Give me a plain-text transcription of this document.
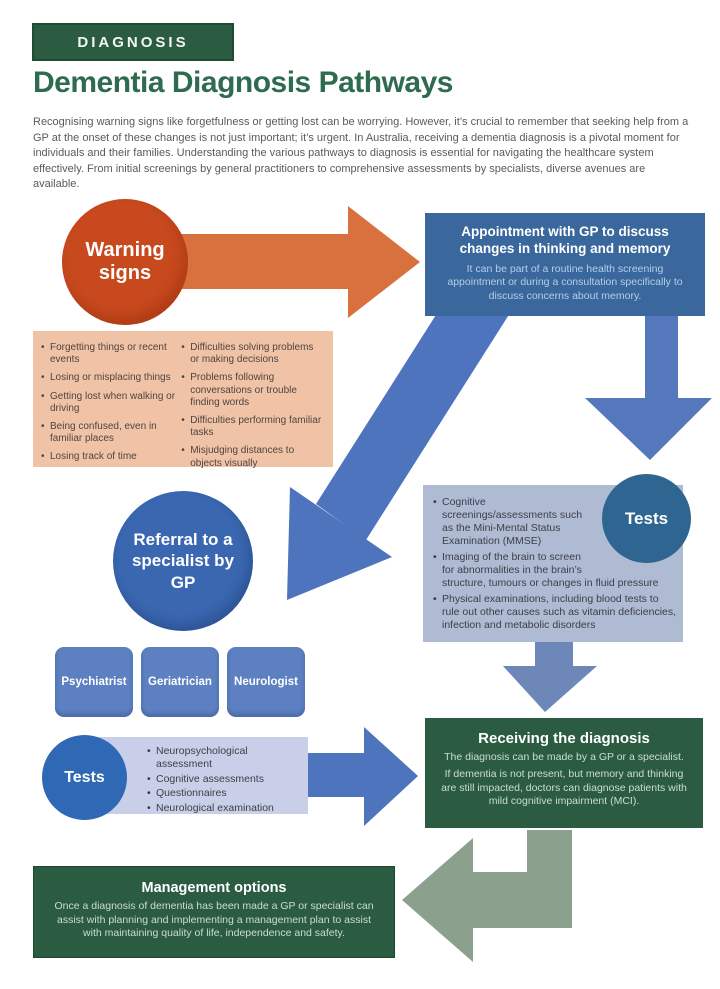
DIAGNOSIS
Dementia Diagnosis Pathways

Recognising warning signs like forgetfulness or getting lost can be worrying. However, it’s crucial to remember that seeking help from a GP at the onset of these changes is not just important; it’s urgent. In Australia, receiving a dementia diagnosis is a pivotal moment for individuals and their families. Understanding the various pathways to diagnosis is essential for navigating the healthcare system effectively. From initial screenings by general practitioners to comprehensive assessments by specialists, diverse avenues are available.

Warning signs
Appointment with GP to discuss changes in thinking and memory
It can be part of a routine health screening appointment or during a consultation specifically to discuss concerns about memory.
• Forgetting things or recent events
• Losing or misplacing things
• Getting lost when walking or driving
• Being confused, even in familiar places
• Losing track of time
• Difficulties solving problems or making decisions
• Problems following conversations or trouble finding words
• Difficulties performing familiar tasks
• Misjudging distances to objects visually
Referral to a specialist by GP
• Cognitive screenings/assessments such as the Mini-Mental Status Examination (MMSE)
• Imaging of the brain to screen for abnormalities in the brain’s structure, tumours or changes in fluid pressure
• Physical examinations, including blood tests to rule out other causes such as vitamin deficiencies, infection and metabolic disorders
Tests
Psychiatrist Geriatrician Neurologist
• Neuropsychological assessment
• Cognitive assessments
• Questionnaires
• Neurological examination
Tests
Receiving the diagnosis
The diagnosis can be made by a GP or a specialist.
If dementia is not present, but memory and thinking are still impacted, doctors can diagnose patients with mild cognitive impairment (MCI).
Management options
Once a diagnosis of dementia has been made a GP or specialist can assist with planning and implementing a management plan to assist with maintaining quality of life, independence and safety.
